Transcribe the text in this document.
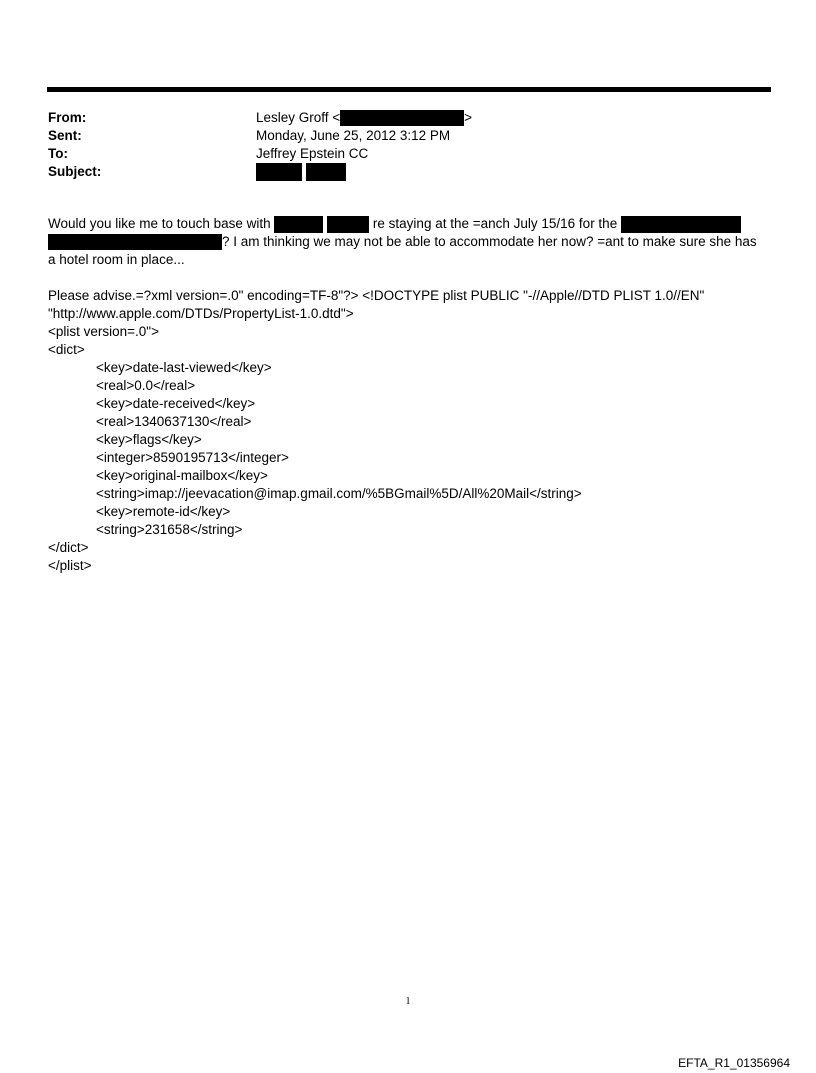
From:	Lesley Groff <	>
Sent:	Monday, June 25, 2012 3:12 PM
To:	Jeffrey Epstein CC
Subject:

Would you like me to touch base with	re staying at the =anch July 15/16 for the
? I am thinking we may not be able to accommodate her now? =ant to make sure she has
a hotel room in place...
Please advise.=?xml version=.0" encoding=TF-8"?> <!DOCTYPE plist PUBLIC "-//Apple//DTD PLIST 1.0//EN"
"http://www.apple.com/DTDs/PropertyList-1.0.dtd">
<plist version=.0">
<dict>
<key>date-last-viewed</key>
<real>0.0</real>
<key>date-received</key>
<real>1340637130</real>
<key>flags</key>
<integer>8590195713</integer>
<key>original-mailbox</key>
<string>imap://jeevacation@imap.gmail.com/%5BGmail%5D/All%20Mail</string>
<key>remote-id</key>
<string>231658</string>
</dict>
</plist>
1
EFTA_R1_01356964
